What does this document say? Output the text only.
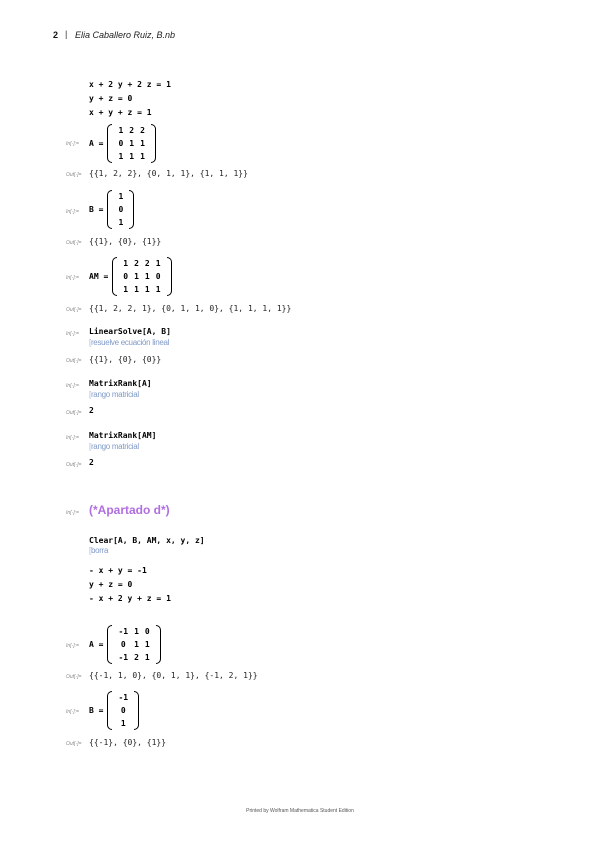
2 | Elia Caballero Ruiz, B.nb
x + 2 y + 2 z = 1
y + z = 0
x + y + z = 1
In[·]:= A =
1	2	2
0	1	1
1	1	1
Out[·]= {{1, 2, 2}, {0, 1, 1}, {1, 1, 1}}
In[·]:= B =
1
0
1
Out[·]= {{1}, {0}, {1}}
In[·]:= AM =
1	2	2	1
0	1	1	0
1	1	1	1
Out[·]= {{1, 2, 2, 1}, {0, 1, 1, 0}, {1, 1, 1, 1}}
In[·]:= LinearSolve[A, B]
[ resuelve ecuación lineal
Out[·]= {{1}, {0}, {0}}
In[·]:= MatrixRank[A]
[ rango matricial
Out[·]= 2
In[·]:= MatrixRank[AM]
[ rango matricial
Out[·]= 2
In[·]:= (*Apartado d*)
Clear[A, B, AM, x, y, z]
[ borra
- x + y = -1
y + z = 0
- x + 2 y + z = 1
In[·]:= A =
-1	1	0
0	1	1
-1	2	1
Out[·]= {{-1, 1, 0}, {0, 1, 1}, {-1, 2, 1}}
In[·]:= B =
-1
0
1
Out[·]= {{-1}, {0}, {1}}
Printed by Wolfram Mathematica Student Edition
